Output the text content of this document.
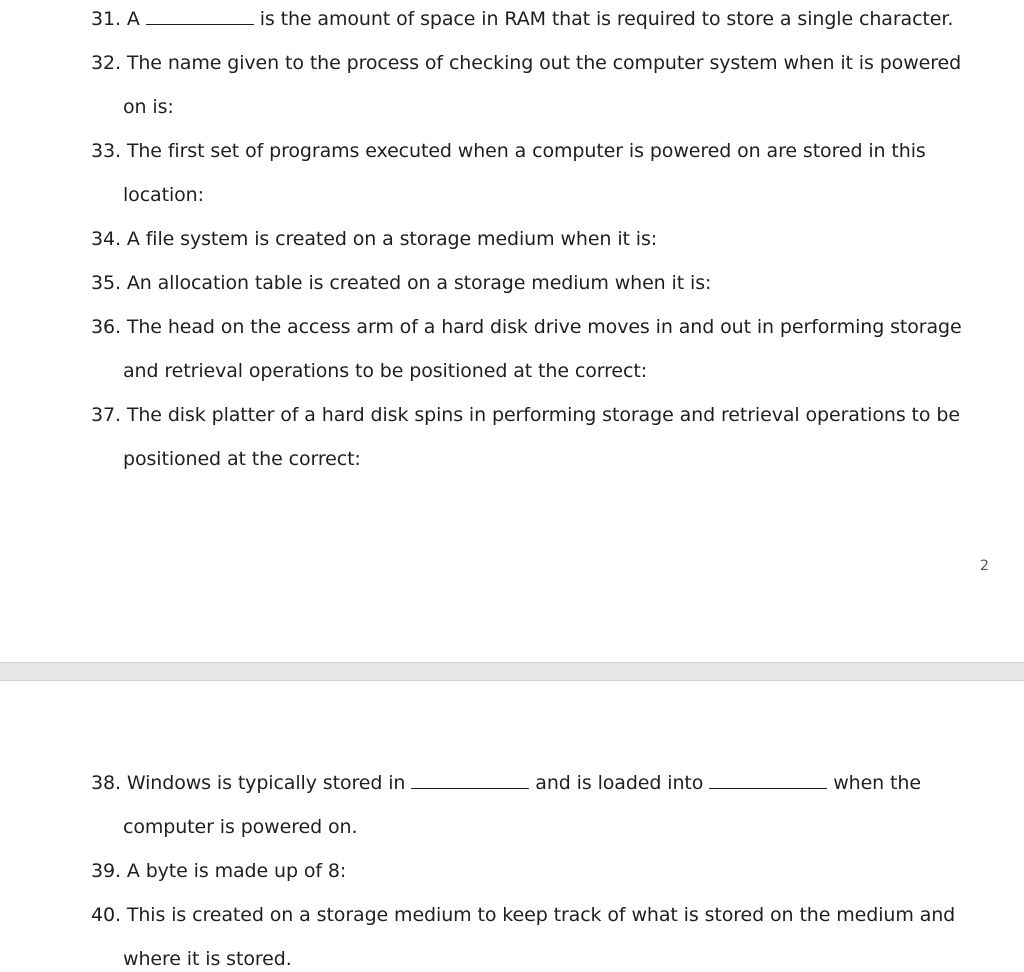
31. A	is the amount of space in RAM that is required to store a single character.
32. The name given to the process of checking out the computer system when it is powered
on is:
33. The first set of programs executed when a computer is powered on are stored in this
location:
34. A file system is created on a storage medium when it is:
35. An allocation table is created on a storage medium when it is:
36. The head on the access arm of a hard disk drive moves in and out in performing storage
and retrieval operations to be positioned at the correct:
37. The disk platter of a hard disk spins in performing storage and retrieval operations to be
positioned at the correct:
2
38. Windows is typically stored in	and is loaded into	when the
computer is powered on.
39. A byte is made up of 8:
40. This is created on a storage medium to keep track of what is stored on the medium and
where it is stored.
